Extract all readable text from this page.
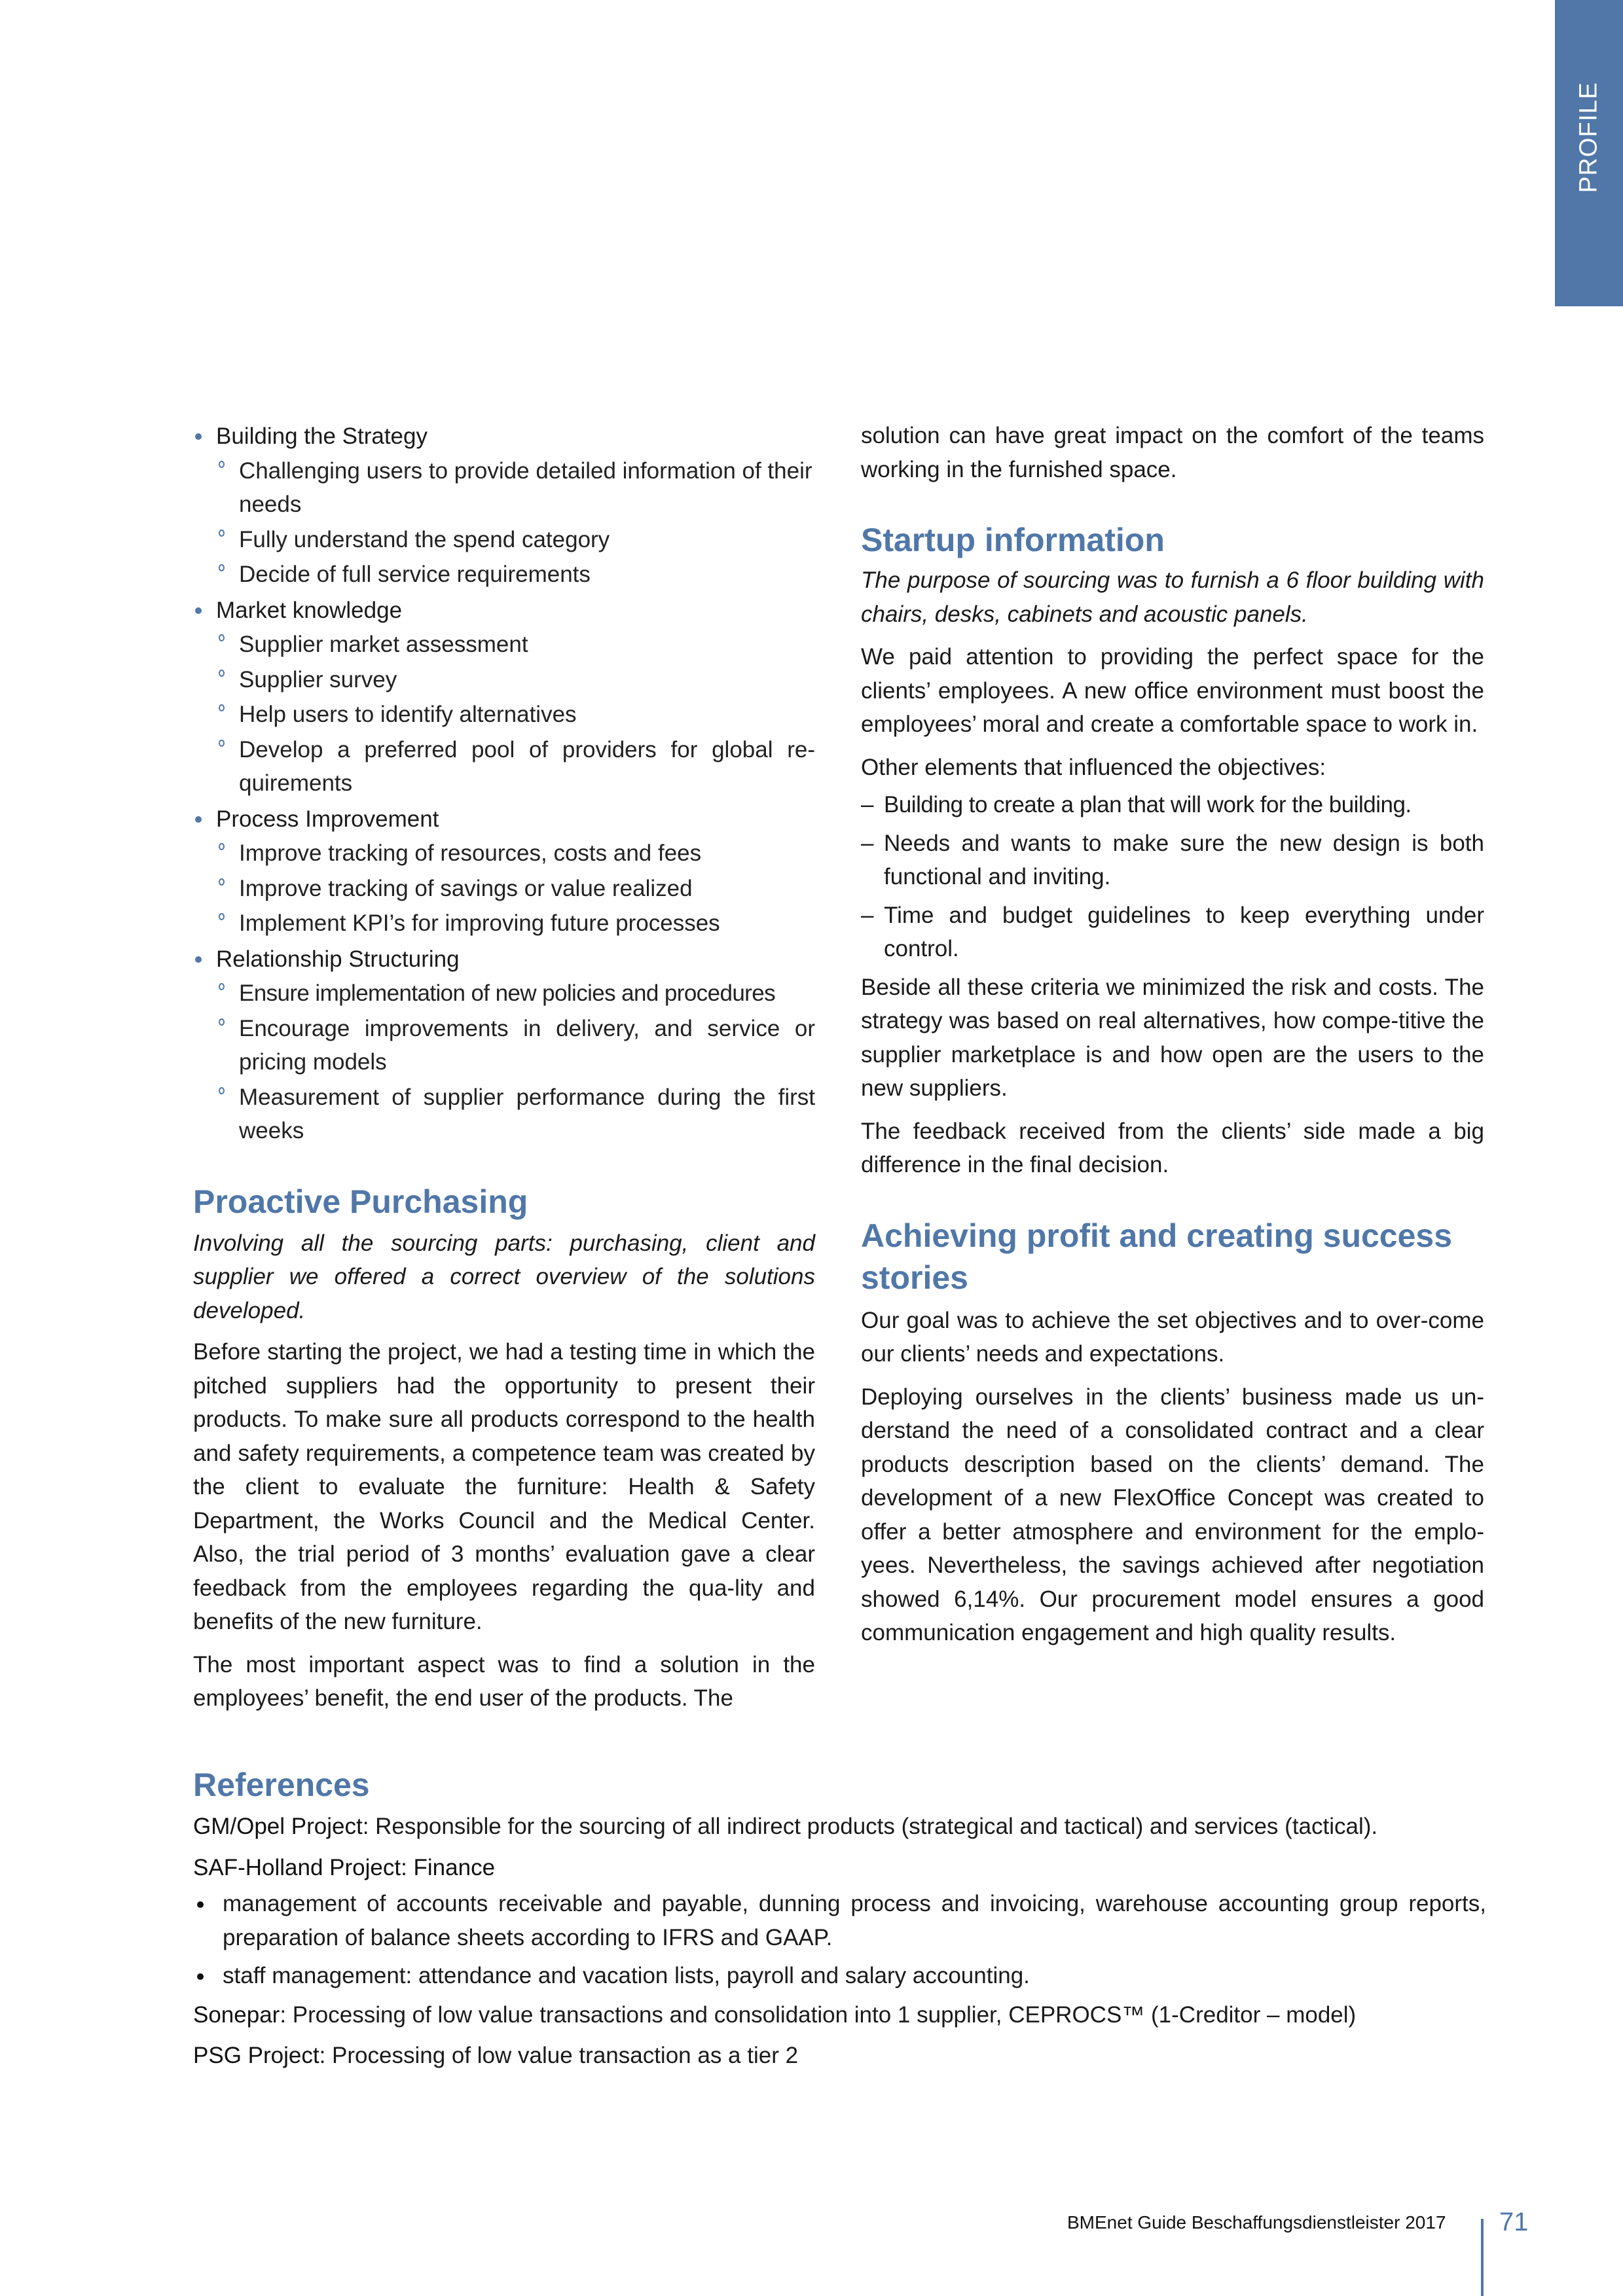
PROFILE
Building the Strategy
Challenging users to provide detailed information of their needs
Fully understand the spend category
Decide of full service requirements
Market knowledge
Supplier market assessment
Supplier survey
Help users to identify alternatives
Develop a preferred pool of providers for global re-quirements
Process Improvement
Improve tracking of resources, costs and fees
Improve tracking of savings or value realized
Implement KPI’s for improving future processes
Relationship Structuring
Ensure implementation of new policies and procedures
Encourage improvements in delivery, and service or pricing models
Measurement of supplier performance during the first weeks
Proactive Purchasing

Involving all the sourcing parts: purchasing, client and supplier we offered a correct overview of the solutions developed.

Before starting the project, we had a testing time in which the pitched suppliers had the opportunity to present their products. To make sure all products correspond to the health and safety requirements, a competence team was created by the client to evaluate the furniture: Health & Safety Department, the Works Council and the Medical Center. Also, the trial period of 3 months’ evaluation gave a clear feedback from the employees regarding the qua-lity and benefits of the new furniture.

The most important aspect was to find a solution in the employees’ benefit, the end user of the products. The

solution can have great impact on the comfort of the teams working in the furnished space.

Startup information

The purpose of sourcing was to furnish a 6 floor building with chairs, desks, cabinets and acoustic panels.

We paid attention to providing the perfect space for the clients’ employees. A new office environment must boost the employees’ moral and create a comfortable space to work in.

Other elements that influenced the objectives:

– Building to create a plan that will work for the building.
– Needs and wants to make sure the new design is both functional and inviting.
– Time and budget guidelines to keep everything under control.

Beside all these criteria we minimized the risk and costs. The strategy was based on real alternatives, how compe-titive the supplier marketplace is and how open are the users to the new suppliers.

The feedback received from the clients’ side made a big difference in the final decision.

Achieving profit and creating success stories

Our goal was to achieve the set objectives and to over-come our clients’ needs and expectations.

Deploying ourselves in the clients’ business made us un-derstand the need of a consolidated contract and a clear products description based on the clients’ demand. The development of a new FlexOffice Concept was created to offer a better atmosphere and environment for the emplo-yees. Nevertheless, the savings achieved after negotiation showed 6,14%. Our procurement model ensures a good communication engagement and high quality results.

References

GM/Opel Project: Responsible for the sourcing of all indirect products (strategical and tactical) and services (tactical).

SAF-Holland Project: Finance

management of accounts receivable and payable, dunning process and invoicing, warehouse accounting group reports, preparation of balance sheets according to IFRS and GAAP.
staff management: attendance and vacation lists, payroll and salary accounting.

Sonepar: Processing of low value transactions and consolidation into 1 supplier, CEPROCS™ (1-Creditor – model)

PSG Project: Processing of low value transaction as a tier 2

BMEnet Guide Beschaffungsdienstleister 2017 71
